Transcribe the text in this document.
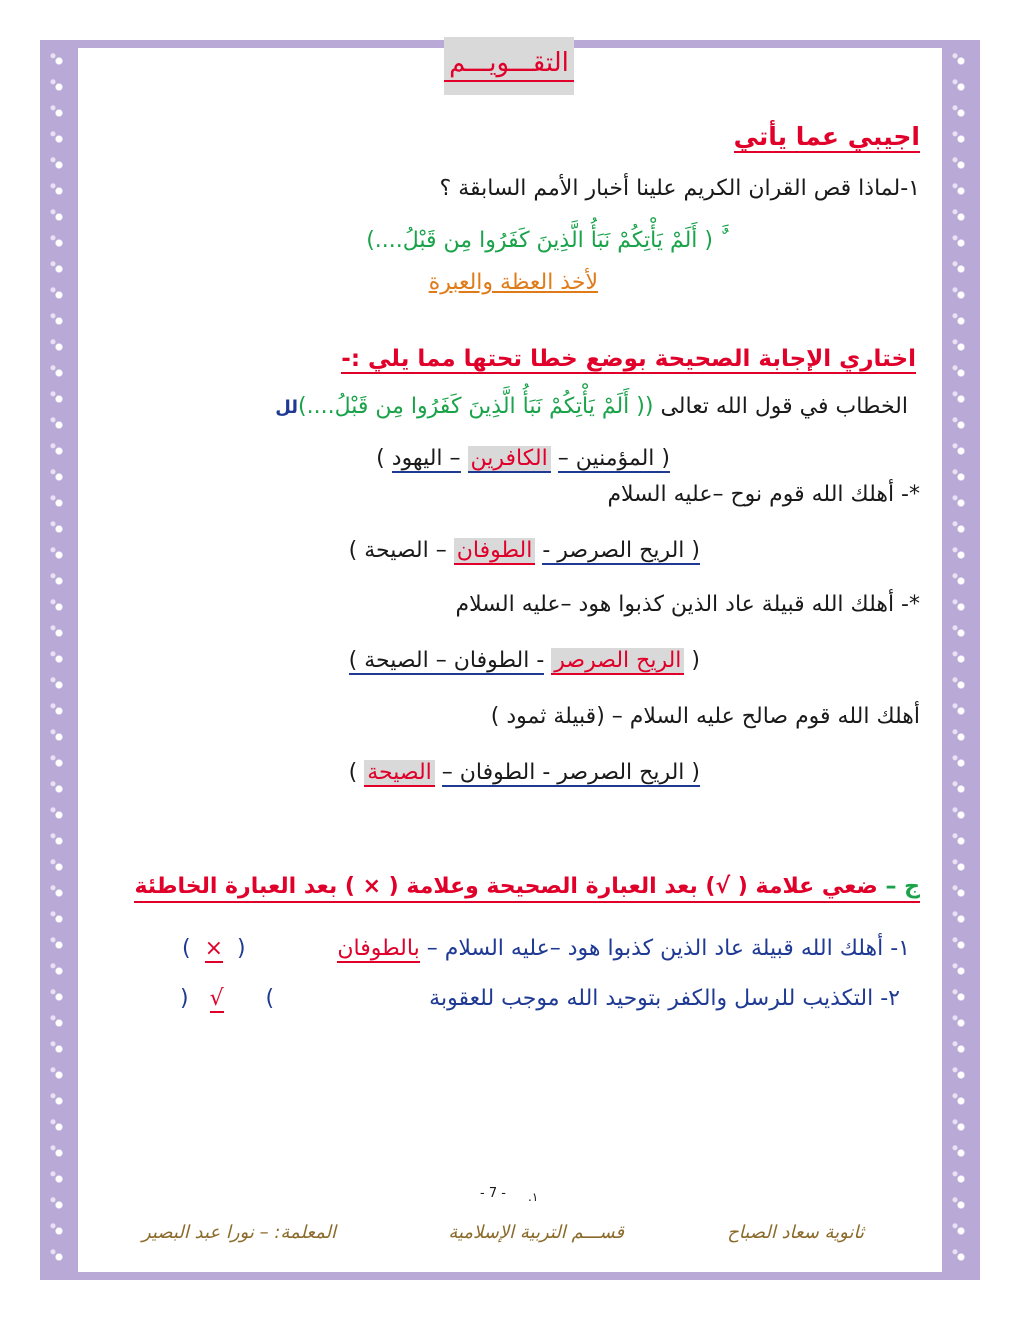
التقـــويـــم
اجيبي عما يأتي
١-لماذا قص القران الكريم علينا أخبار الأمم السابقة ؟
ٌَ ( أَلَمْ يَأْتِكُمْ نَبَأُ الَّذِينَ كَفَرُوا مِن قَبْلُ....)
لأخذ العظة والعبرة
اختاري الإجابة الصحيحة بوضع خطا تحتها مما يلي :-
الخطاب في قول الله تعالى (( أَلَمْ يَأْتِكُمْ نَبَأُ الَّذِينَ كَفَرُوا مِن قَبْلُ....)لل
( المؤمنين – الكافرين – اليهود )
*- أهلك الله قوم نوح –عليه السلام
( الريح الصرصر - الطوفان – الصيحة )
*- أهلك الله قبيلة عاد الذين كذبوا هود –عليه السلام
( الريح الصرصر - الطوفان – الصيحة )
أهلك الله قوم صالح عليه السلام – (قبيلة ثمود )
( الريح الصرصر - الطوفان – الصيحة )
ج – ضعي علامة ( √) بعد العبارة الصحيحة وعلامة ( × ) بعد العبارة الخاطئة
١- أهلك الله قبيلة عاد الذين كذبوا هود –عليه السلام – بالطوفان
(  ×  )
٢- التكذيب للرسل والكفر بتوحيد الله موجب للعقوبة
)   √      (
- 7 - ١.
ثانوية سعاد الصباح
قســـم التربية الإسلامية
المعلمة: – نورا عبد البصير
